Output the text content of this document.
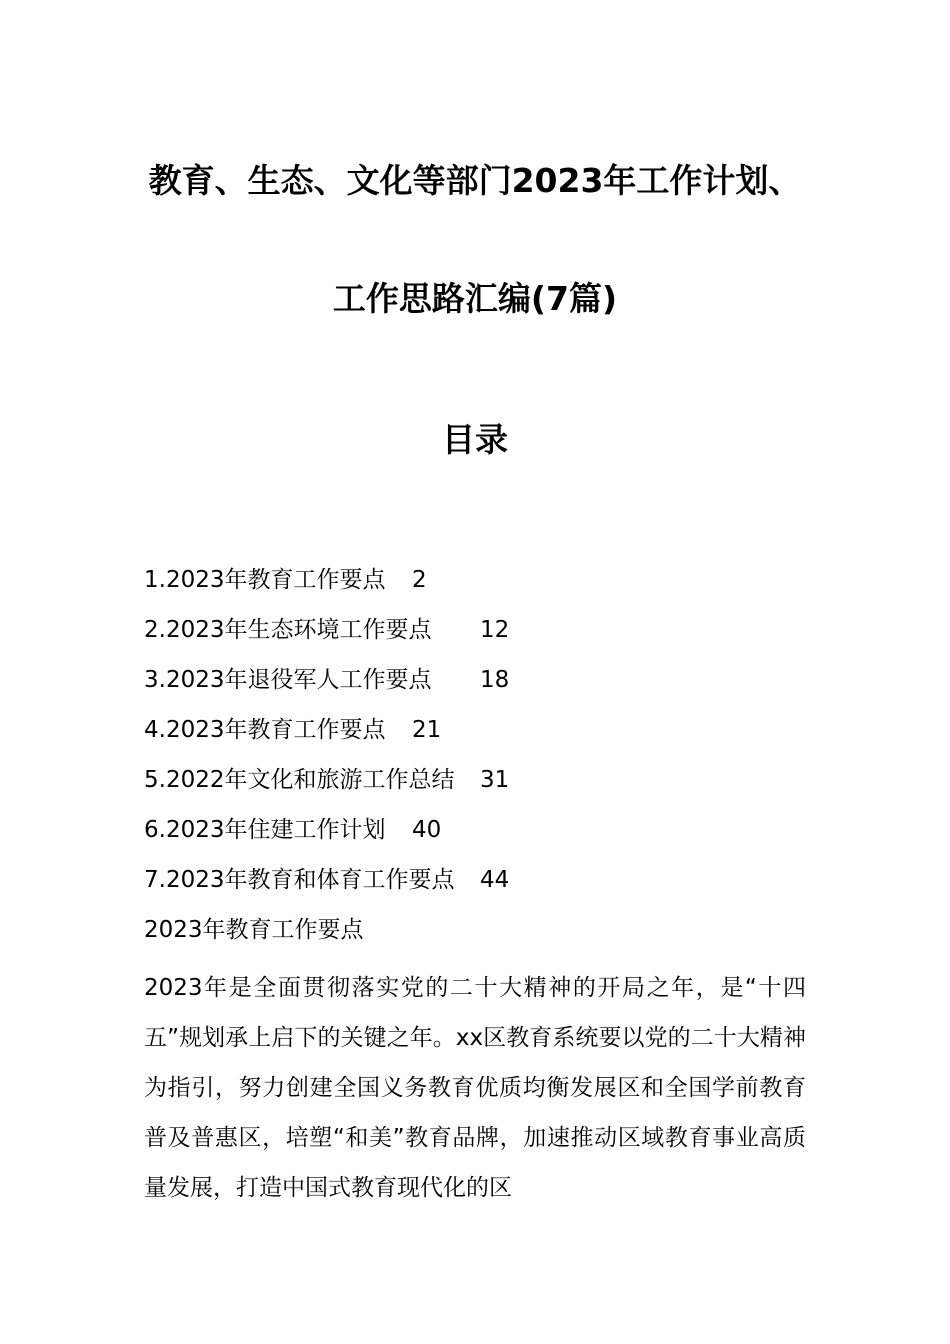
教育、生态、文化等部门2023年工作计划、
工作思路汇编(7篇)
目录
1.2023年教育工作要点 2
2.2023年生态环境工作要点 12
3.2023年退役军人工作要点 18
4.2023年教育工作要点 21
5.2022年文化和旅游工作总结 31
6.2023年住建工作计划 40
7.2023年教育和体育工作要点 44
2023年教育工作要点

2023年是全面贯彻落实党的二十大精神的开局之年，是“十四五”规划承上启下的关键之年。xx区教育系统要以党的二十大精神为指引，努力创建全国义务教育优质均衡发展区和全国学前教育普及普惠区，培塑“和美”教育品牌，加速推动区域教育事业高质量发展，打造中国式教育现代化的区
